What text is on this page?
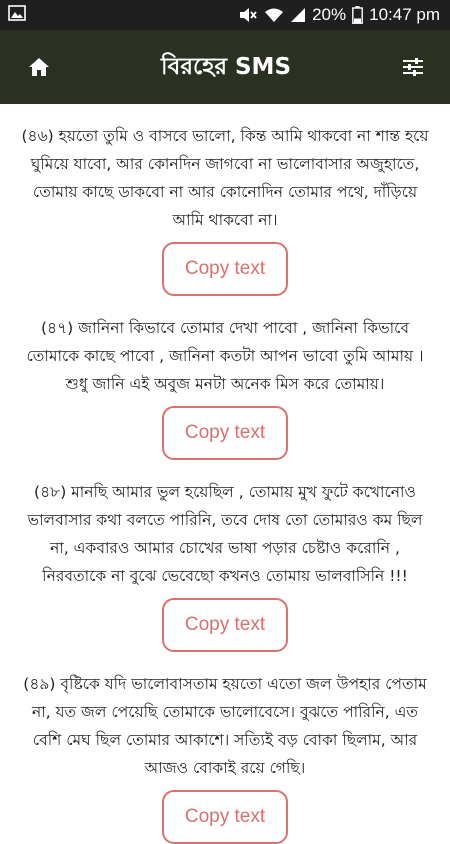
20% 10:47 pm
বিরহের SMS

(৪৬) হয়তো তুমি ও বাসবে ভালো, কিন্ত আমি থাকবো না শান্ত হয়ে ঘুমিয়ে যাবো, আর কোনদিন জাগবো না ভালোবাসার অজুহাতে, তোমায় কাছে ডাকবো না আর কোনোদিন তোমার পথে, দাঁড়িয়ে আমি থাকবো না।

Copy text

(৪৭) জানিনা কিভাবে তোমার দেখা পাবো , জানিনা কিভাবে তোমাকে কাছে পাবো , জানিনা কতটা আপন ভাবো তুমি আমায় । শুধু জানি এই অবুজ মনটা অনেক মিস করে তোমায়।

Copy text

(৪৮) মানছি আমার ভুল হয়েছিল , তোমায় মুখ ফুটে কখোনোও ভালবাসার কথা বলতে পারিনি, তবে দোষ তো তোমারও কম ছিল না, একবারও আমার চোখের ভাষা পড়ার চেষ্টাও করোনি , নিরবতাকে না বুঝে ভেবেছো কখনও তোমায় ভালবাসিনি !!!

Copy text

(৪৯) বৃষ্টিকে যদি ভালোবাসতাম হয়তো এতো জল উপহার পেতাম না, যত জল পেয়েছি তোমাকে ভালোবেসে। বুঝতে পারিনি, এত বেশি মেঘ ছিল তোমার আকাশে। সত্যিই বড় বোকা ছিলাম, আর আজও বোকাই রয়ে গেছি।

Copy text
